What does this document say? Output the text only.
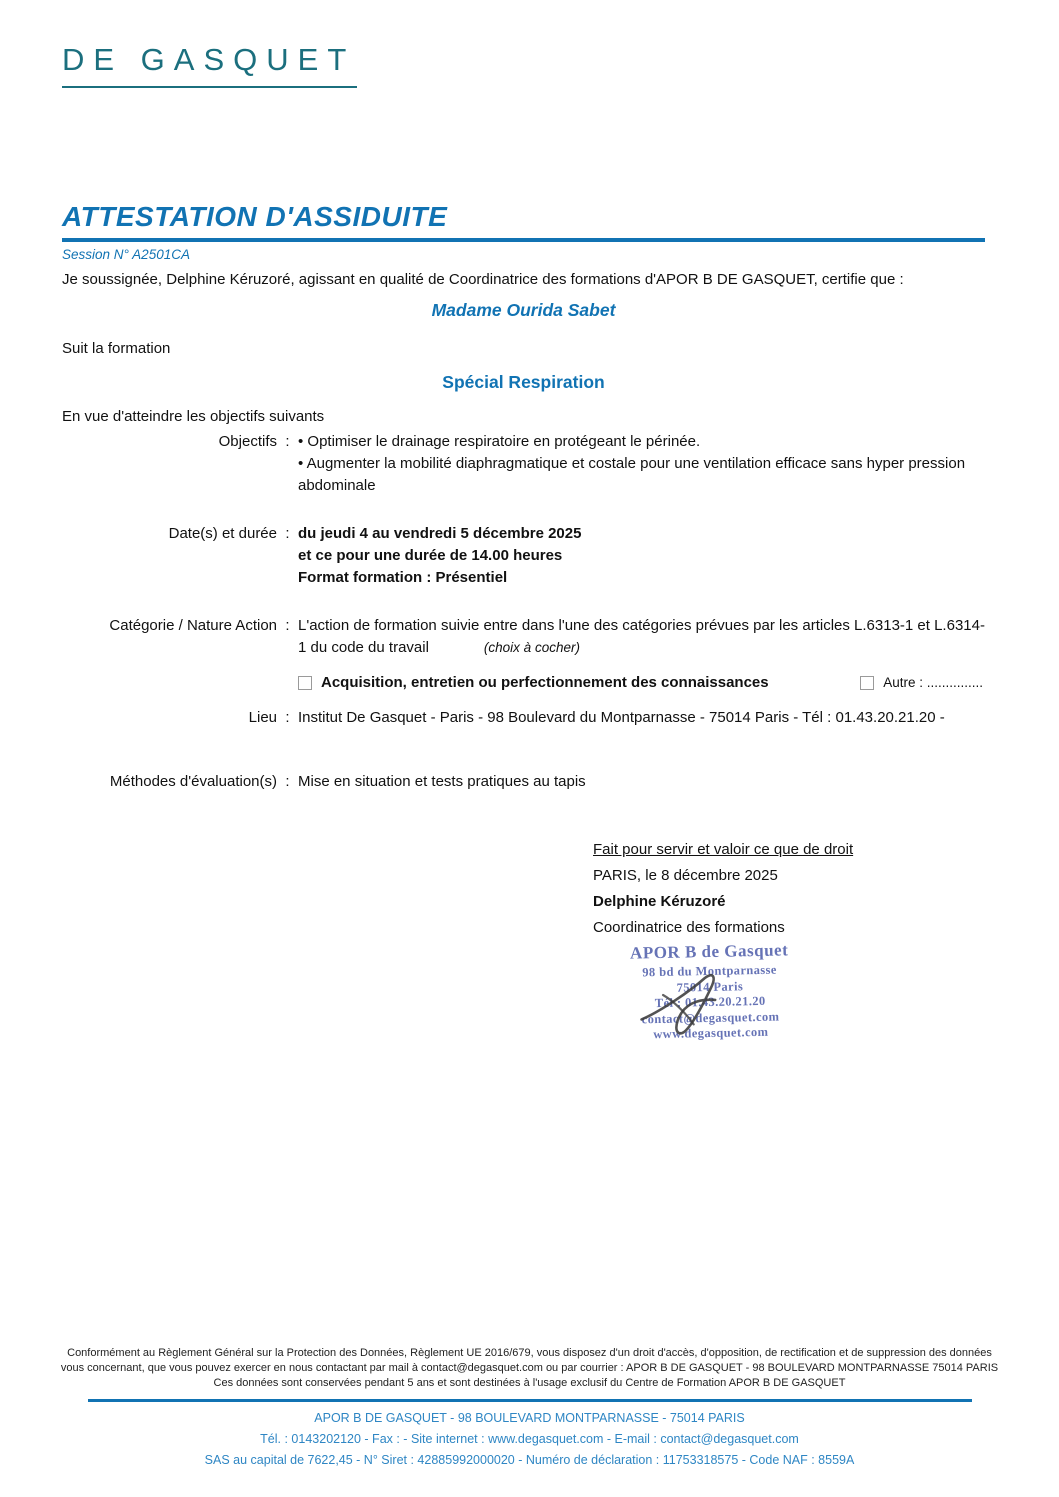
DE GASQUET
ATTESTATION D'ASSIDUITE
Session N° A2501CA
Je soussignée, Delphine Kéruzoré, agissant en qualité de Coordinatrice des formations d'APOR B DE GASQUET, certifie que :
Madame Ourida Sabet
Suit la formation
Spécial Respiration
En vue d'atteindre les objectifs suivants
Objectifs : • Optimiser le drainage respiratoire en protégeant le périnée.
• Augmenter la mobilité diaphragmatique et costale pour une ventilation efficace sans hyper pression abdominale
Date(s) et durée : du jeudi 4 au vendredi 5 décembre 2025
et ce pour une durée de 14.00 heures
Format formation : Présentiel
Catégorie / Nature Action : L'action de formation suivie entre dans l'une des catégories prévues par les articles L.6313-1 et L.6314-1 du code du travail	(choix à cocher)
Acquisition, entretien ou perfectionnement des connaissances	Autre : ...............
Lieu : Institut De Gasquet - Paris - 98 Boulevard du Montparnasse - 75014 Paris - Tél : 01.43.20.21.20 -
Méthodes d'évaluation(s) : Mise en situation et tests pratiques au tapis
Fait pour servir et valoir ce que de droit
PARIS, le 8 décembre 2025
Delphine Kéruzoré
Coordinatrice des formations
APOR B de Gasquet
98 bd du Montparnasse
75014 Paris
Tél : 01.43.20.21.20
contact@degasquet.com
www.degasquet.com
Conformément au Règlement Général sur la Protection des Données, Règlement UE 2016/679, vous disposez d'un droit d'accès, d'opposition, de rectification et de suppression des données
vous concernant, que vous pouvez exercer en nous contactant par mail à contact@degasquet.com ou par courrier : APOR B DE GASQUET - 98 BOULEVARD MONTPARNASSE 75014 PARIS
Ces données sont conservées pendant 5 ans et sont destinées à l'usage exclusif du Centre de Formation APOR B DE GASQUET
APOR B DE GASQUET - 98 BOULEVARD MONTPARNASSE - 75014 PARIS
Tél. : 0143202120 - Fax : - Site internet : www.degasquet.com - E-mail : contact@degasquet.com
SAS au capital de 7622,45 - N° Siret : 42885992000020 - Numéro de déclaration : 11753318575 - Code NAF : 8559A
